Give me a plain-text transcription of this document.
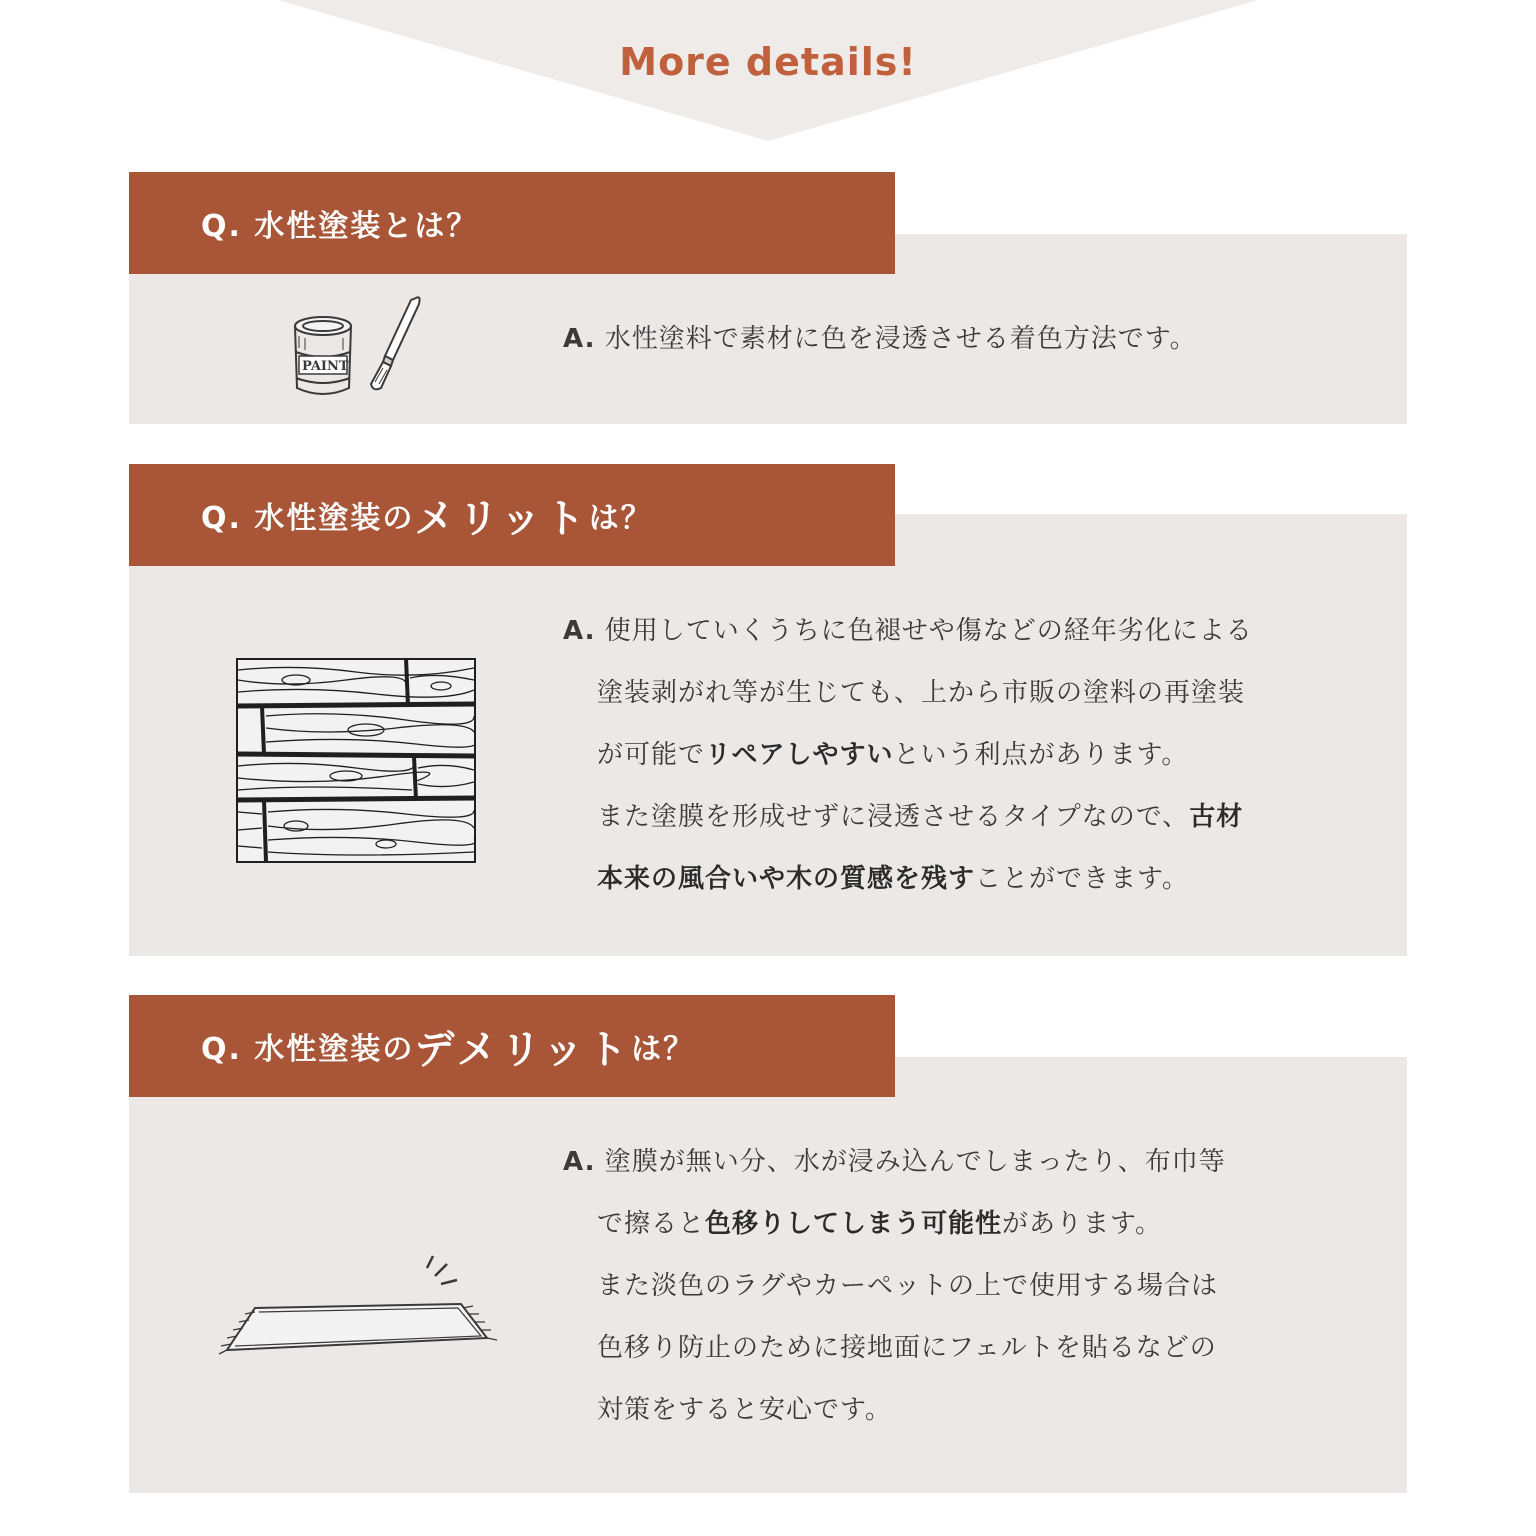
More details!
Q. 水性塗装とは？
PAINT
A. 水性塗料で素材に色を浸透させる着色方法です。
Q. 水性塗装の メリット は？
A. 使用していくうちに色褪せや傷などの経年劣化による
塗装剥がれ等が生じても、上から市販の塗料の再塗装
が可能でリペアしやすいという利点があります。
また塗膜を形成せずに浸透させるタイプなので、古材
本来の風合いや木の質感を残すことができます。
Q. 水性塗装の デメリット は？
A. 塗膜が無い分、水が浸み込んでしまったり、布巾等
で擦ると色移りしてしまう可能性があります。
また淡色のラグやカーペットの上で使用する場合は
色移り防止のために接地面にフェルトを貼るなどの
対策をすると安心です。
